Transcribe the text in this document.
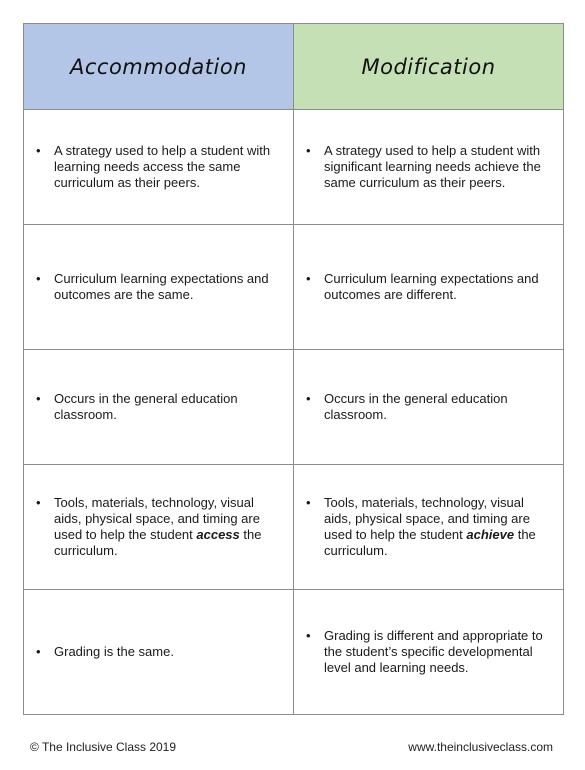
Accommodation	Modification

• A strategy used to help a student with learning needs access the same curriculum as their peers.	• A strategy used to help a student with significant learning needs achieve the same curriculum as their peers.

• Curriculum learning expectations and outcomes are the same.	• Curriculum learning expectations and outcomes are different.

• Occurs in the general education classroom.	• Occurs in the general education classroom.

• Tools, materials, technology, visual aids, physical space, and timing are used to help the student access the curriculum.	• Tools, materials, technology, visual aids, physical space, and timing are used to help the student achieve the curriculum.

• Grading is the same.	• Grading is different and appropriate to the student’s specific developmental level and learning needs.
© The Inclusive Class 2019	www.theinclusiveclass.com
